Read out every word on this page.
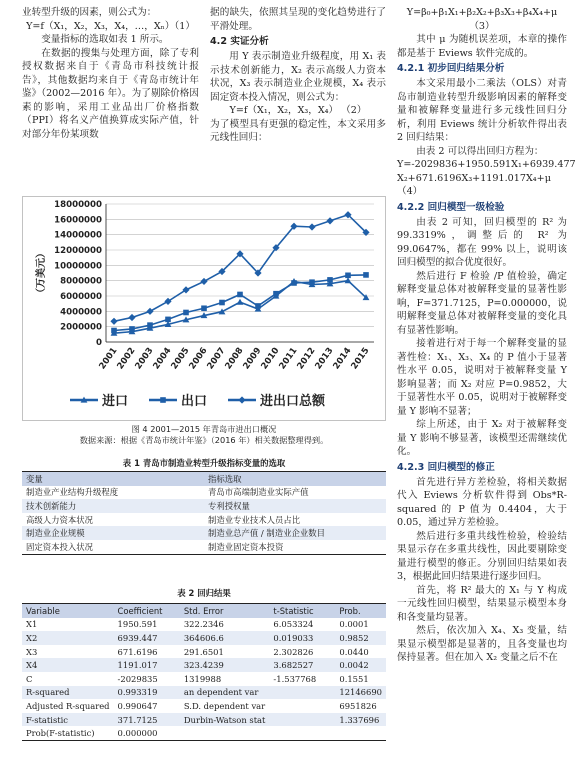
业转型升级的因素，则公式为：

Y=f（X₁，X₂，X₃，X₄，…，Xₙ）（1）

变量指标的选取如表 1 所示。

在数据的搜集与处理方面，除了专利授权数据来自于《青岛市科技统计报告》，其他数据均来自于《青岛市统计年鉴》（2002—2016 年）。为了剔除价格因素的影响，采用工业品出厂价格指数（PPI）将名义产值换算成实际产值，针对部分年份某项数

据的缺失，依照其呈现的变化趋势进行了平滑处理。

4.2 实证分析

用 Y 表示制造业升级程度，用 X₁ 表示技术创新能力，X₂ 表示高级人力资本状况，X₃ 表示制造业企业规模，X₄ 表示固定资本投入情况，则公式为：

Y=f（X₁，X₂，X₃，X₄） （2）

为了模型具有更强的稳定性，本文采用多元线性回归：

Y=β₀+β₁X₁+β₂X₂+β₃X₃+β₄X₄+μ （3）

其中 μ 为随机误差项，本章的操作都是基于 Eviews 软件完成的。

4.2.1 初步回归结果分析

本文采用最小二乘法（OLS）对青岛市制造业转型升级影响因素的解释变量和被解释变量进行多元线性回归分析，利用 Eviews 统计分析软件得出表 2 回归结果：

由表 2 可以得出回归方程为：

Y=-2029836+1950.591X₁+6939.477

X₂+671.6196X₃+1191.017X₄+μ （4）

4.2.2 回归模型一级检验

由表 2 可知，回归模型的 R² 为 99.3319%，调整后的 R² 为 99.0647%，都在 99% 以上，说明该回归模型的拟合优度很好。

然后进行 F 检验 /P 值检验，确定解释变量总体对被解释变量的显著性影响，F=371.7125，P=0.000000，说明解释变量总体对被解释变量的变化具有显著性影响。

接着进行对于每一个解释变量的显著性检：X₁、X₃、X₄ 的 P 值小于显著性水平 0.05，说明对于被解释变量 Y 影响显著；而 X₂ 对应 P=0.9852，大于显著性水平 0.05，说明对于被解释变量 Y 影响不显著；

综上所述，由于 X₂ 对于被解释变量 Y 影响不够显著，该模型还需继续优化。

4.2.3 回归模型的修正

首先进行异方差检验，将相关数据代入 Eviews 分析软件得到 Obs*R-squared 的 P 值为 0.4404，大于 0.05，通过异方差检验。

然后进行多重共线性检验，检验结果显示存在多重共线性，因此要剔除变量进行模型的修正。分别回归结果如表 3，根据此回归结果进行逐步回归。

首先，将 R² 最大的 X₁ 与 Y 构成一元线性回归模型，结果显示模型本身和各变量均显著。

然后，依次加入 X₄、X₃ 变量，结果显示模型都是显著的，且各变量也均保持显著。但在加入 X₂ 变量之后不在

0
2000000
4000000
6000000
8000000
10000000
12000000
14000000
16000000
18000000
（万美元）
2001
2002
2003
2004
2005
2006
2007
2008
2009
2010
2011
2012
2013
2014
2015
进口	出口	进出口总额
图 4 2001—2015 年青岛市进出口概况
数据来源：根据《青岛市统计年鉴》（2016 年）相关数据整理得到。
表 1 青岛市制造业转型升级指标变量的选取
变量	指标选取
制造业产业结构升级程度	青岛市高端制造业实际产值
技术创新能力	专利授权量
高级人力资本状况	制造业专业技术人员占比
制造业企业规模	制造业总产值 / 制造业企业数目
固定资本投入状况	制造业固定资本投资
表 2 回归结果
Variable	Coefficient	Std. Error	t-Statistic	Prob.
X1	1950.591	322.2346	6.053324	0.0001
X2	6939.447	364606.6	0.019033	0.9852
X3	671.6196	291.6501	2.302826	0.0440
X4	1191.017	323.4239	3.682527	0.0042
C	-2029835	1319988	-1.537768	0.1551
R-squared	0.993319	an dependent var		12146690
Adjusted R-squared	0.990647	S.D. dependent var		6951826
F-statistic	371.7125	Durbin-Watson stat		1.337696
Prob(F-statistic)	0.000000			
